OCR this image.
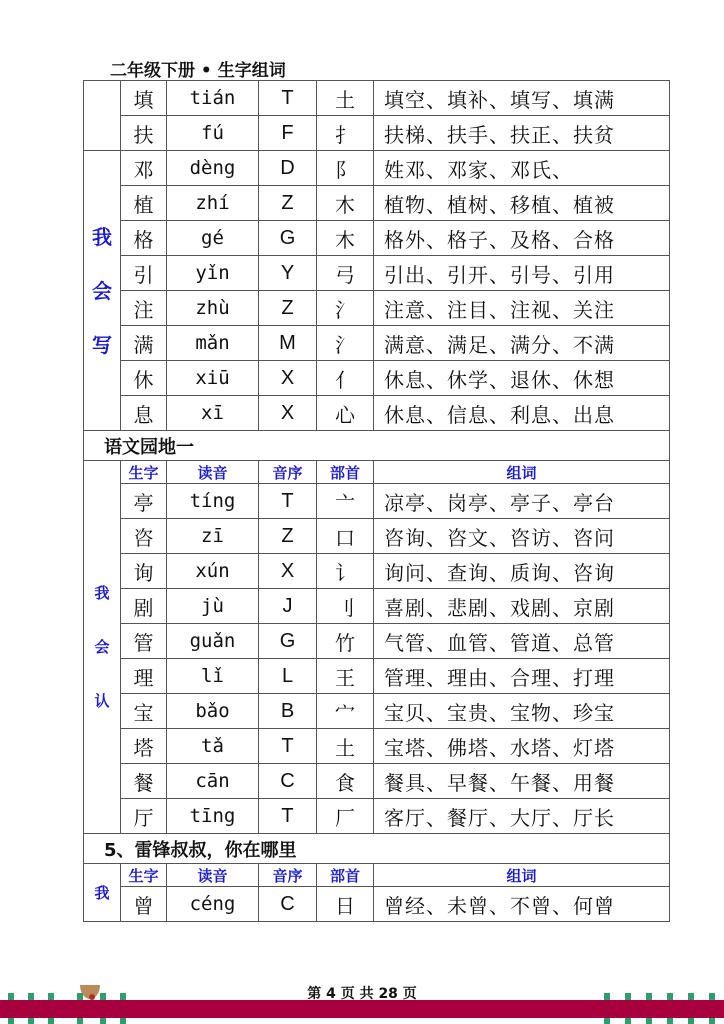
二年级下册 • 生字组词
	填	tián	T	土	填空、填补、填写、填满
	扶	fú	F	扌	扶梯、扶手、扶正、扶贫
我会写	邓	dèng	D	阝	姓邓、邓家、邓氏、
	植	zhí	Z	木	植物、植树、移植、植被
	格	gé	G	木	格外、格子、及格、合格
	引	yǐn	Y	弓	引出、引开、引号、引用
	注	zhù	Z	氵	注意、注目、注视、关注
	满	mǎn	M	氵	满意、满足、满分、不满
	休	xiū	X	亻	休息、休学、退休、休想
	息	xī	X	心	休息、信息、利息、出息
语文园地一					
我会认	生字	读音	音序	部首	组词
	亭	tíng	T	亠	凉亭、岗亭、亭子、亭台
	咨	zī	Z	口	咨询、咨文、咨访、咨问
	询	xún	X	讠	询问、查询、质询、咨询
	剧	jù	J	刂	喜剧、悲剧、戏剧、京剧
	管	guǎn	G	竹	气管、血管、管道、总管
	理	lǐ	L	王	管理、理由、合理、打理
	宝	bǎo	B	宀	宝贝、宝贵、宝物、珍宝
	塔	tǎ	T	土	宝塔、佛塔、水塔、灯塔
	餐	cān	C	食	餐具、早餐、午餐、用餐
	厅	tīng	T	厂	客厅、餐厅、大厅、厅长
5、雷锋叔叔，你在哪里					
我	生字	读音	音序	部首	组词
	曾	céng	C	日	曾经、未曾、不曾、何曾
第 4 页 共 28 页
